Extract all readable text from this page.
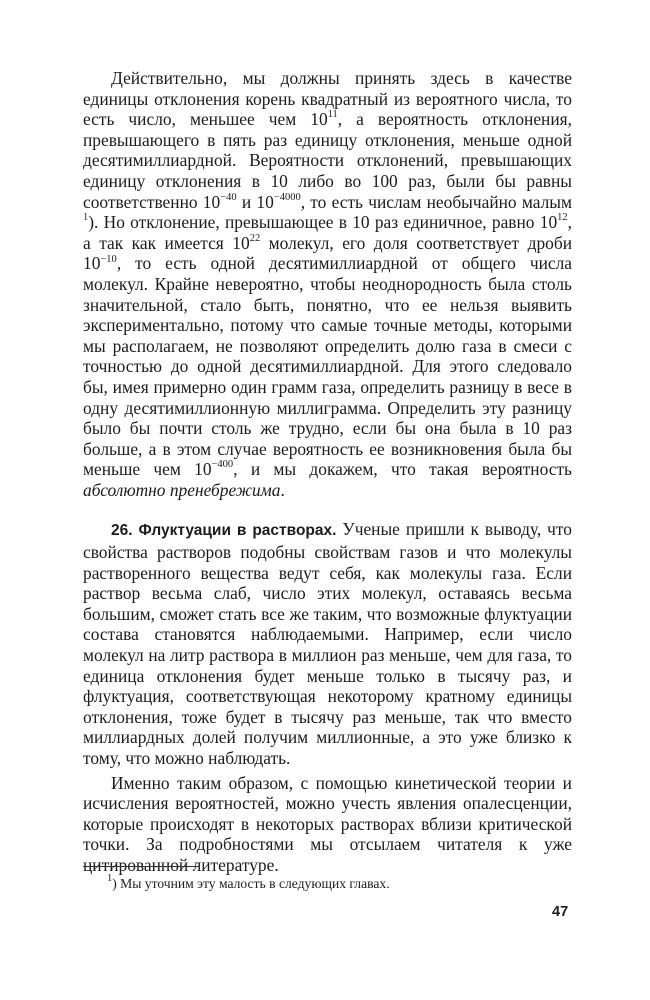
Действительно, мы должны принять здесь в качестве единицы отклонения корень квадратный из вероятного числа, то есть число, меньшее чем $10^{11}$, а вероятность отклонения, превышающего в пять раз единицу отклонения, меньше одной десятимиллиардной. Вероятности отклонений, превышающих единицу отклонения в 10 либо во 100 раз, были бы равны соответственно $10^{-40}$ и $10^{-4000}$, то есть числам необычайно малым $^1$). Но отклонение, превышающее в 10 раз единичное, равно $10^{12}$, а так как имеется $10^{22}$ молекул, его доля соответствует дроби $10^{-10}$, то есть одной десятимиллиардной от общего числа молекул. Крайне невероятно, чтобы неоднородность была столь значительной, стало быть, понятно, что ее нельзя выявить экспериментально, потому что самые точные методы, которыми мы располагаем, не позволяют определить долю газа в смеси с точностью до одной десятимиллиардной. Для этого следовало бы, имея примерно один грамм газа, определить разницу в весе в одну десятимиллионную миллиграмма. Определить эту разницу было бы почти столь же трудно, если бы она была в 10 раз больше, а в этом случае вероятность ее возникновения была бы меньше чем $10^{-400}$, и мы докажем, что такая вероятность абсолютно пренебрежима.

26. Флуктуации в растворах. Ученые пришли к выводу, что свойства растворов подобны свойствам газов и что молекулы растворенного вещества ведут себя, как молекулы газа. Если раствор весьма слаб, число этих молекул, оставаясь весьма большим, сможет стать все же таким, что возможные флуктуации состава становятся наблюдаемыми. Например, если число молекул на литр раствора в миллион раз меньше, чем для газа, то единица отклонения будет меньше только в тысячу раз, и флуктуация, соответствующая некоторому кратному единицы отклонения, тоже будет в тысячу раз меньше, так что вместо миллиардных долей получим миллионные, а это уже близко к тому, что можно наблюдать.

Именно таким образом, с помощью кинетической теории и исчисления вероятностей, можно учесть явления опалесценции, которые происходят в некоторых растворах вблизи критической точки. За подробностями мы отсылаем читателя к уже цитированной литературе.

$^1$) Мы уточним эту малость в следующих главах.

47
